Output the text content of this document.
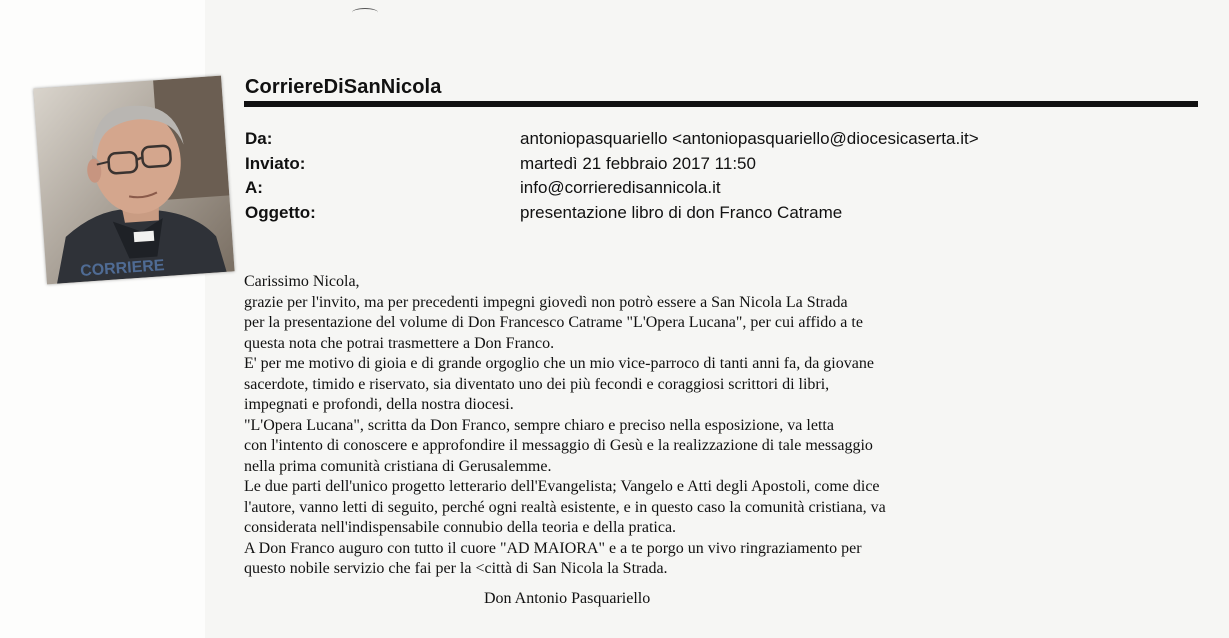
CORRIERE
CorriereDiSanNicola
Da:	antoniopasquariello <antoniopasquariello@diocesicaserta.it>
Inviato:	martedì 21 febbraio 2017 11:50
A:	info@corrieredisannicola.it
Oggetto:	presentazione libro di don Franco Catrame

Carissimo Nicola,

grazie per l'invito, ma per precedenti impegni giovedì non potrò essere a San Nicola La Strada

per la presentazione del volume di Don Francesco Catrame "L'Opera Lucana", per cui affido a te

questa nota che potrai trasmettere a Don Franco.

E' per me motivo di gioia e di grande orgoglio che un mio vice-parroco di tanti anni fa, da giovane

sacerdote, timido e riservato, sia diventato uno dei più fecondi e coraggiosi scrittori di libri,

impegnati e profondi, della nostra diocesi.

"L'Opera Lucana", scritta da Don Franco, sempre chiaro e preciso nella esposizione, va letta

con l'intento di conoscere e approfondire il messaggio di Gesù e la realizzazione di tale messaggio

nella prima comunità cristiana di Gerusalemme.

Le due parti dell'unico progetto letterario dell'Evangelista; Vangelo e Atti degli Apostoli, come dice

l'autore, vanno letti di seguito, perché ogni realtà esistente, e in questo caso la comunità cristiana, va

considerata nell'indispensabile connubio della teoria e della pratica.

A Don Franco auguro con tutto il cuore "AD MAIORA" e a te porgo un vivo ringraziamento per

questo nobile servizio che fai per la <città di San Nicola la Strada.

Don Antonio Pasquariello
